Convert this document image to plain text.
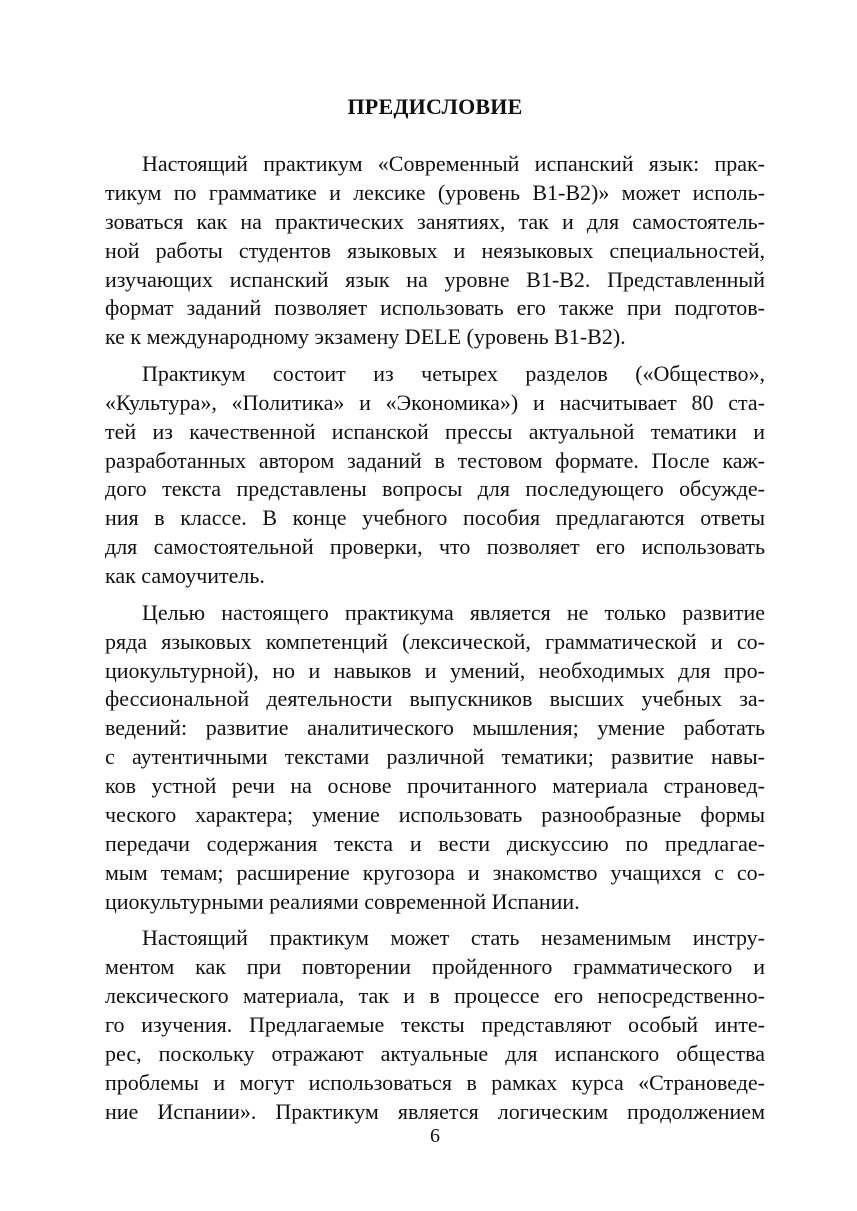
ПРЕДИСЛОВИЕ
Настоящий практикум «Современный испанский язык: прак-
тикум по грамматике и лексике (уровень B1-B2)» может исполь-
зоваться как на практических занятиях, так и для самостоятель-
ной работы студентов языковых и неязыковых специальностей,
изучающих испанский язык на уровне B1-B2. Представленный
формат заданий позволяет использовать его также при подготов-
ке к международному экзамену DELE (уровень B1-B2).
Практикум состоит из четырех разделов («Общество»,
«Культура», «Политика» и «Экономика») и насчитывает 80 ста-
тей из качественной испанской прессы актуальной тематики и
разработанных автором заданий в тестовом формате. После каж-
дого текста представлены вопросы для последующего обсужде-
ния в классе. В конце учебного пособия предлагаются ответы
для самостоятельной проверки, что позволяет его использовать
как самоучитель.
Целью настоящего практикума является не только развитие
ряда языковых компетенций (лексической, грамматической и со-
циокультурной), но и навыков и умений, необходимых для про-
фессиональной деятельности выпускников высших учебных за-
ведений: развитие аналитического мышления; умение работать
с аутентичными текстами различной тематики; развитие навы-
ков устной речи на основе прочитанного материала страновед-
ческого характера; умение использовать разнообразные формы
передачи содержания текста и вести дискуссию по предлагае-
мым темам; расширение кругозора и знакомство учащихся с со-
циокультурными реалиями современной Испании.
Настоящий практикум может стать незаменимым инстру-
ментом как при повторении пройденного грамматического и
лексического материала, так и в процессе его непосредственно-
го изучения. Предлагаемые тексты представляют особый инте-
рес, поскольку отражают актуальные для испанского общества
проблемы и могут использоваться в рамках курса «Страноведе-
ние Испании». Практикум является логическим продолжением
6
